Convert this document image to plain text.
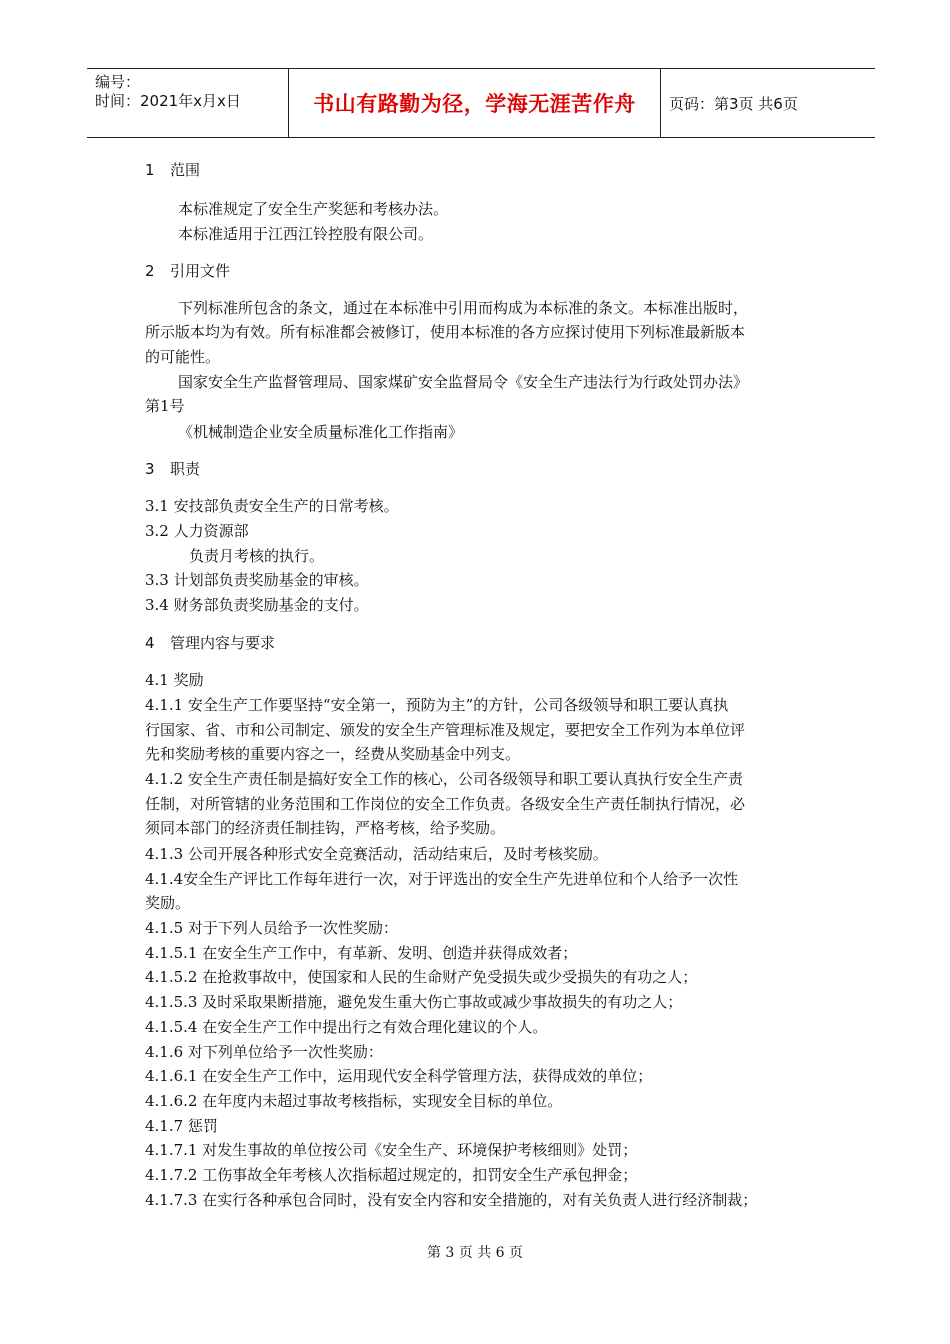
编号：
时间：2021年x月x日	书山有路勤为径，学海无涯苦作舟	页码：第3页 共6页
1 范围
本标准规定了安全生产奖惩和考核办法。
本标准适用于江西江铃控股有限公司。
2 引用文件
下列标准所包含的条文，通过在本标准中引用而构成为本标准的条文。本标准出版时，
所示版本均为有效。所有标准都会被修订，使用本标准的各方应探讨使用下列标准最新版本
的可能性。
国家安全生产监督管理局、国家煤矿安全监督局令《安全生产违法行为行政处罚办法》
第1号
《机械制造企业安全质量标准化工作指南》
3 职责
3.1 安技部负责安全生产的日常考核。
3.2 人力资源部
负责月考核的执行。
3.3 计划部负责奖励基金的审核。
3.4 财务部负责奖励基金的支付。
4 管理内容与要求
4.1 奖励
4.1.1 安全生产工作要坚持“安全第一，预防为主”的方针，公司各级领导和职工要认真执
行国家、省、市和公司制定、颁发的安全生产管理标准及规定，要把安全工作列为本单位评
先和奖励考核的重要内容之一，经费从奖励基金中列支。
4.1.2 安全生产责任制是搞好安全工作的核心，公司各级领导和职工要认真执行安全生产责
任制，对所管辖的业务范围和工作岗位的安全工作负责。各级安全生产责任制执行情况，必
须同本部门的经济责任制挂钩，严格考核，给予奖励。
4.1.3 公司开展各种形式安全竞赛活动，活动结束后，及时考核奖励。
4.1.4安全生产评比工作每年进行一次，对于评选出的安全生产先进单位和个人给予一次性
奖励。
4.1.5 对于下列人员给予一次性奖励：
4.1.5.1 在安全生产工作中，有革新、发明、创造并获得成效者；
4.1.5.2 在抢救事故中，使国家和人民的生命财产免受损失或少受损失的有功之人；
4.1.5.3 及时采取果断措施，避免发生重大伤亡事故或减少事故损失的有功之人；
4.1.5.4 在安全生产工作中提出行之有效合理化建议的个人。
4.1.6 对下列单位给予一次性奖励：
4.1.6.1 在安全生产工作中，运用现代安全科学管理方法，获得成效的单位；
4.1.6.2 在年度内未超过事故考核指标，实现安全目标的单位。
4.1.7 惩罚
4.1.7.1 对发生事故的单位按公司《安全生产、环境保护考核细则》处罚；
4.1.7.2 工伤事故全年考核人次指标超过规定的，扣罚安全生产承包押金；
4.1.7.3 在实行各种承包合同时，没有安全内容和安全措施的，对有关负责人进行经济制裁；
第 3 页 共 6 页
